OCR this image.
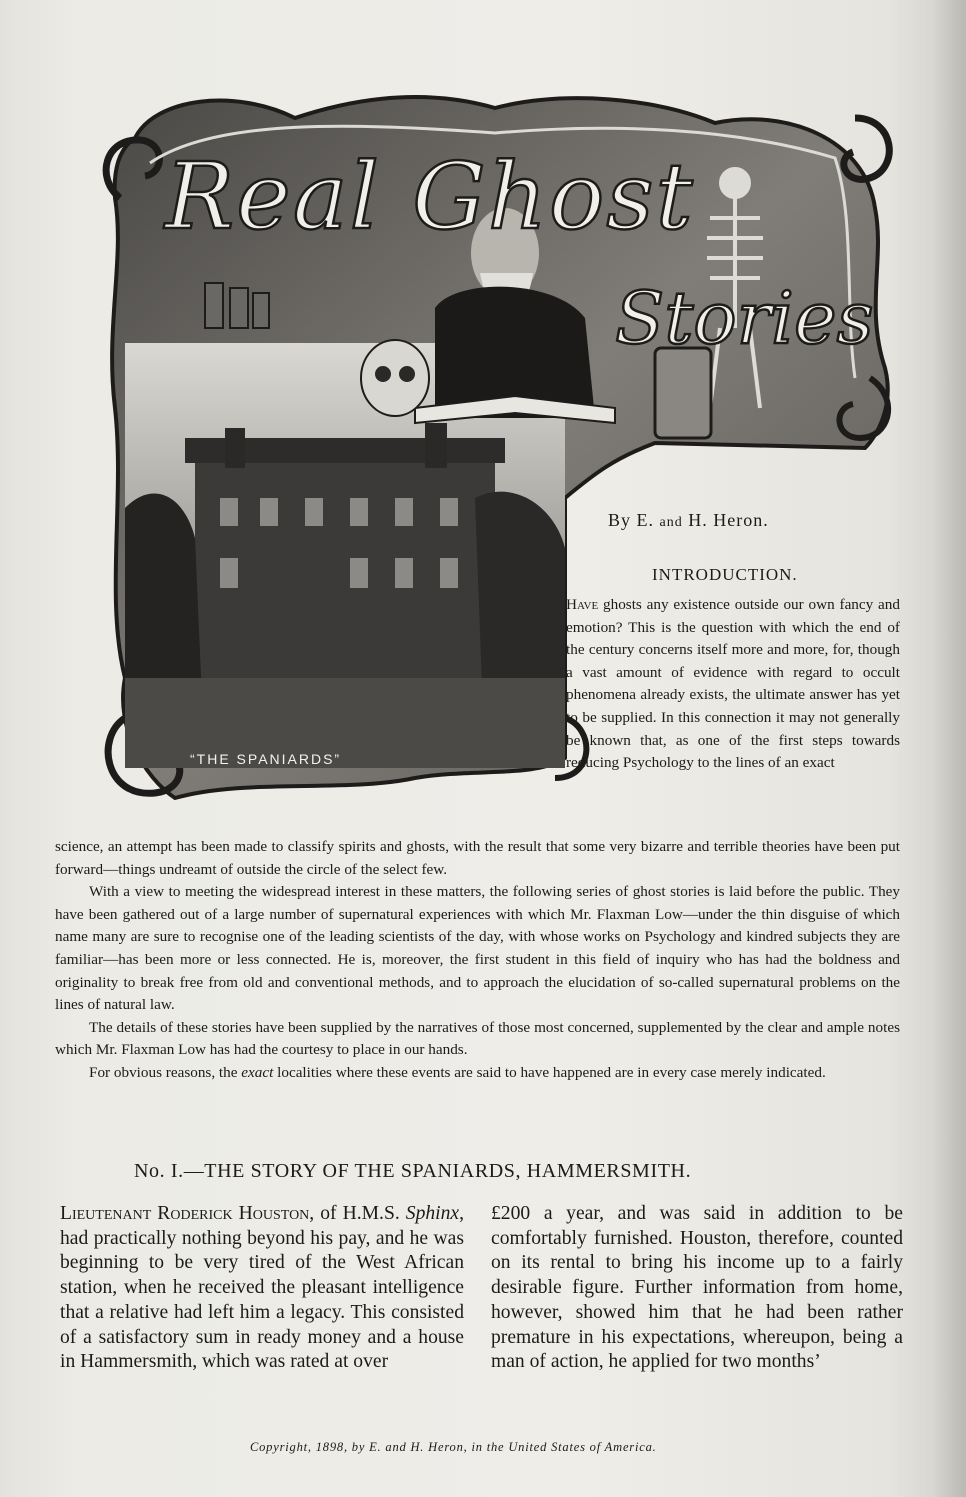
Real Ghost
Stories
“THE SPANIARDS”
By E. and H. Heron.
INTRODUCTION.

Have ghosts any existence outside our own fancy and emotion? This is the question with which the end of the century concerns itself more and more, for, though a vast amount of evidence with regard to occult phenomena already exists, the ultimate answer has yet to be supplied. In this connection it may not generally be known that, as one of the first steps towards reducing Psychology to the lines of an exact

science, an attempt has been made to classify spirits and ghosts, with the result that some very bizarre and terrible theories have been put forward—things undreamt of outside the circle of the select few.

With a view to meeting the widespread interest in these matters, the following series of ghost stories is laid before the public. They have been gathered out of a large number of supernatural experiences with which Mr. Flaxman Low—under the thin disguise of which name many are sure to recognise one of the leading scientists of the day, with whose works on Psychology and kindred subjects they are familiar—has been more or less connected. He is, moreover, the first student in this field of inquiry who has had the boldness and originality to break free from old and conventional methods, and to approach the elucidation of so-called supernatural problems on the lines of natural law.

The details of these stories have been supplied by the narratives of those most concerned, supplemented by the clear and ample notes which Mr. Flaxman Low has had the courtesy to place in our hands.

For obvious reasons, the exact localities where these events are said to have happened are in every case merely indicated.

No. I.—THE STORY OF THE SPANIARDS, HAMMERSMITH.

Lieutenant Roderick Houston, of H.M.S. Sphinx, had practically nothing beyond his pay, and he was beginning to be very tired of the West African station, when he received the pleasant intelligence that a relative had left him a legacy. This consisted of a satisfactory sum in ready money and a house in Hammersmith, which was rated at over

£200 a year, and was said in addition to be comfortably furnished. Houston, therefore, counted on its rental to bring his income up to a fairly desirable figure. Further information from home, however, showed him that he had been rather premature in his expectations, whereupon, being a man of action, he applied for two months’

Copyright, 1898, by E. and H. Heron, in the United States of America.
